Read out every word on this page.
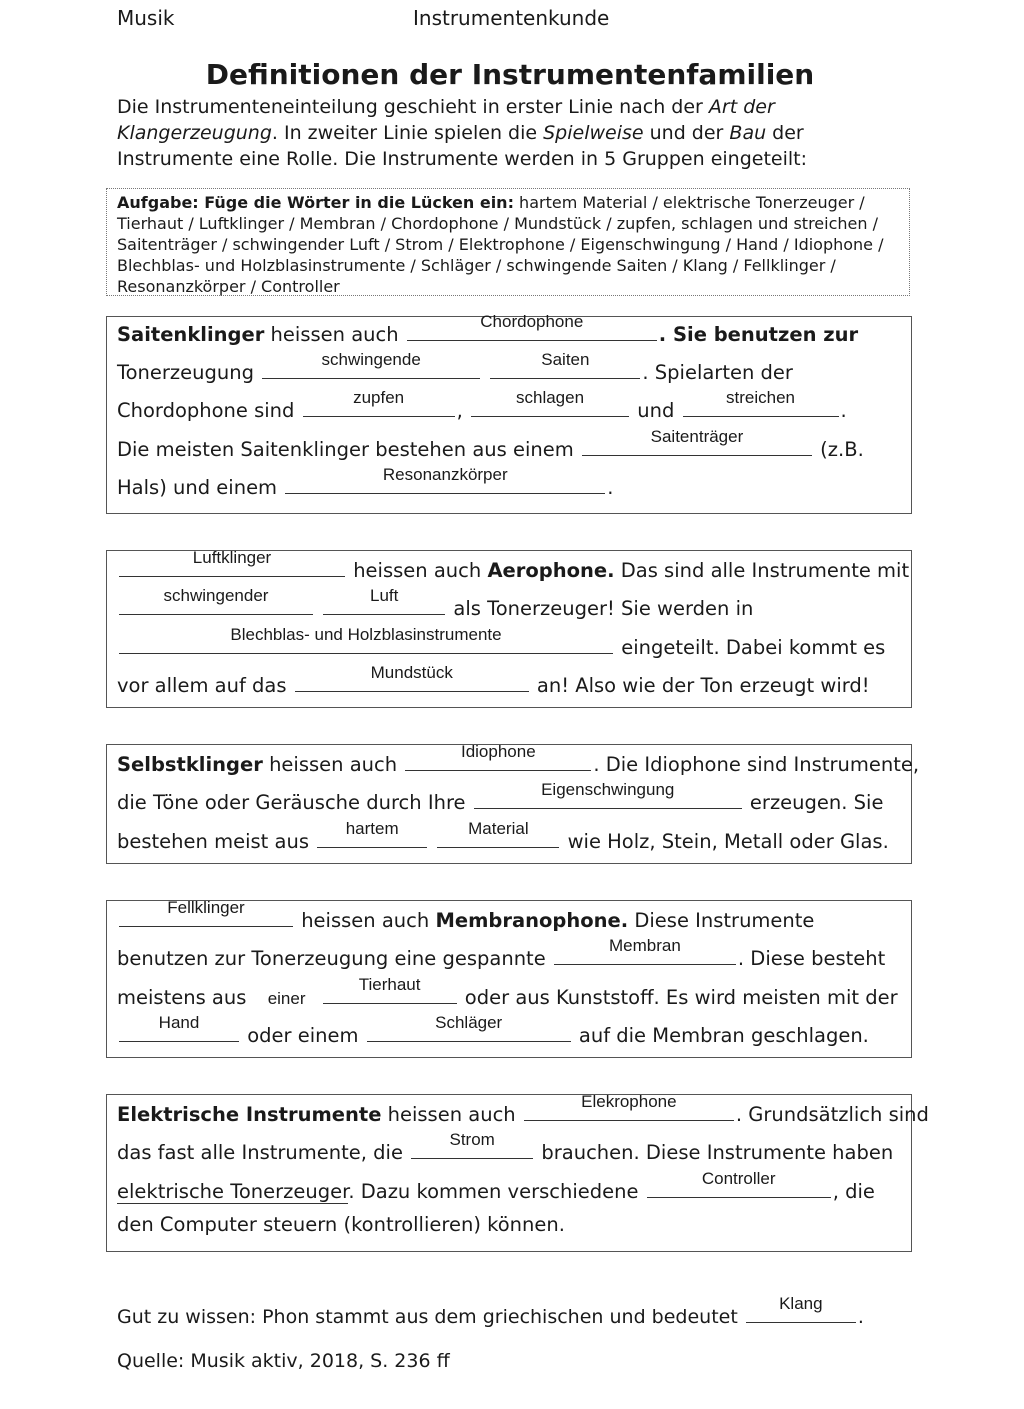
Musik	Instrumentenkunde
Definitionen der Instrumentenfamilien
Die Instrumenteneinteilung geschieht in erster Linie nach der Art der Klangerzeugung. In zweiter Linie spielen die Spielweise und der Bau der Instrumente eine Rolle. Die Instrumente werden in 5 Gruppen eingeteilt:
Aufgabe: Füge die Wörter in die Lücken ein: hartem Material / elektrische Tonerzeuger / Tierhaut / Luftklinger / Membran / Chordophone / Mundstück / zupfen, schlagen und streichen / Saitenträger / schwingender Luft / Strom / Elektrophone / Eigenschwingung / Hand / Idiophone / Blechblas- und Holzblasinstrumente / Schläger / schwingende Saiten / Klang / Fellklinger / Resonanzkörper / Controller
Saitenklinger heissen auch
Chordophone
. Sie benutzen zur
Tonerzeugung
schwingende
	Saiten
. Spielarten der
Chordophone sind
zupfen
,
schlagen
und
streichen
.
Die meisten Saitenklinger bestehen aus einem
Saitenträger
(z.B.
Hals) und einem
Resonanzkörper
.
Luftklinger
heissen auch Aerophone. Das sind alle Instrumente mit
schwingender
	Luft
als Tonerzeuger! Sie werden in
Blechblas- und Holzblasinstrumente
eingeteilt. Dabei kommt es
vor allem auf das
Mundstück
an! Also wie der Ton erzeugt wird!
Selbstklinger heissen auch
Idiophone
. Die Idiophone sind Instrumente,
die Töne oder Geräusche durch Ihre
Eigenschwingung
erzeugen. Sie
bestehen meist aus
hartem
	Material
wie Holz, Stein, Metall oder Glas.
Fellklinger
heissen auch Membranophone. Diese Instrumente
benutzen zur Tonerzeugung eine gespannte
Membran
. Diese besteht
meistens aus einer
Tierhaut
oder aus Kunststoff. Es wird meisten mit der
Hand
oder einem
Schläger
auf die Membran geschlagen.
Elektrische Instrumente heissen auch
Elekrophone
. Grundsätzlich sind
das fast alle Instrumente, die
Strom
brauchen. Diese Instrumente haben
elektrische Tonerzeuger. Dazu kommen verschiedene
Controller
, die
den Computer steuern (kontrollieren) können.
Gut zu wissen: Phon stammt aus dem griechischen und bedeutet
Klang
.
Quelle: Musik aktiv, 2018, S. 236 ff
